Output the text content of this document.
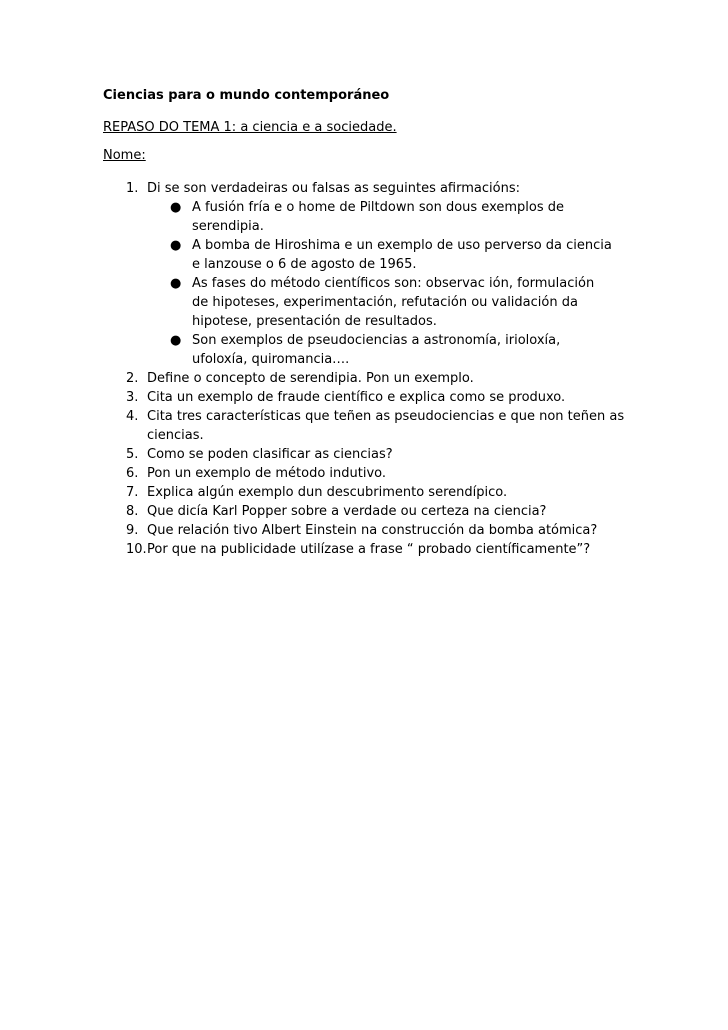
Ciencias para o mundo contemporáneo
REPASO DO TEMA 1: a ciencia e a sociedade.
Nome:
1. Di se son verdadeiras ou falsas as seguintes afirmacións:
● A fusión fría e o home de Piltdown son dous exemplos de serendipia.
● A bomba de Hiroshima e un exemplo de uso perverso da ciencia e lanzouse o 6 de agosto de 1965.
● As fases do método científicos son: observac ión, formulación de hipoteses, experimentación, refutación ou validación da hipotese, presentación de resultados.
● Son exemplos de pseudociencias a astronomía, irioloxía, ufoloxía, quiromancia….
2. Define o concepto de serendipia. Pon un exemplo.
3. Cita un exemplo de fraude científico e explica como se produxo.
4. Cita tres características que teñen as pseudociencias e que non teñen as ciencias.
5. Como se poden clasificar as ciencias?
6. Pon un exemplo de método indutivo.
7. Explica algún exemplo dun descubrimento serendípico.
8. Que dicía Karl Popper sobre a verdade ou certeza na ciencia?
9. Que relación tivo Albert Einstein na construcción da bomba atómica?
10. Por que na publicidade utilízase a frase “ probado científicamente”?
